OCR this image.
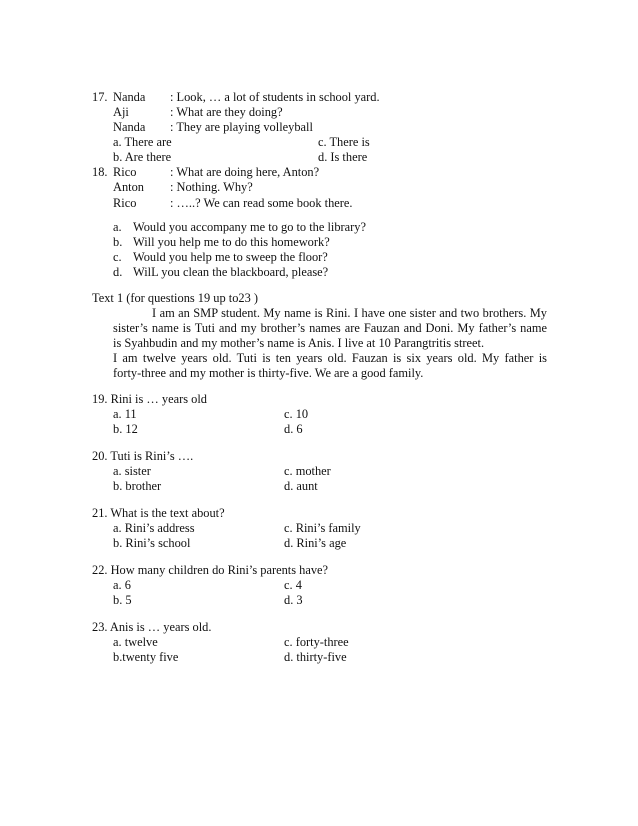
17. Nanda : Look, … a lot of students in school yard.
Aji	: What are they doing?
Nanda : They are playing volleyball
a. There are	c. There is
b. Are there	d. Is there
18. Rico	: What are doing here, Anton?
Anton : Nothing. Why?
Rico	: …..? We can read some book there.
a. Would you accompany me to go to the library?
b. Will you help me to do this homework?
c. Would you help me to sweep the floor?
d. WilL you clean the blackboard, please?
Text 1 (for questions 19 up to23 )
I am an SMP student. My name is Rini. I have one sister and two brothers. My
sister’s name is Tuti and my brother’s names are Fauzan and Doni. My father’s name
is Syahbudin and my mother’s name is Anis. I live at 10 Parangtritis street.
I am twelve years old. Tuti is ten years old. Fauzan is six years old. My father is
forty-three and my mother is thirty-five. We are a good family.
19. Rini is … years old
a. 11	c. 10
b. 12	d. 6
20. Tuti is Rini’s ….
a. sister	c. mother
b. brother	d. aunt
21. What is the text about?
a. Rini’s address	c. Rini’s family
b. Rini’s school	d. Rini’s age
22. How many children do Rini’s parents have?
a. 6	c. 4
b. 5	d. 3
23. Anis is … years old.
a. twelve	c. forty-three
b.twenty five	d. thirty-five
